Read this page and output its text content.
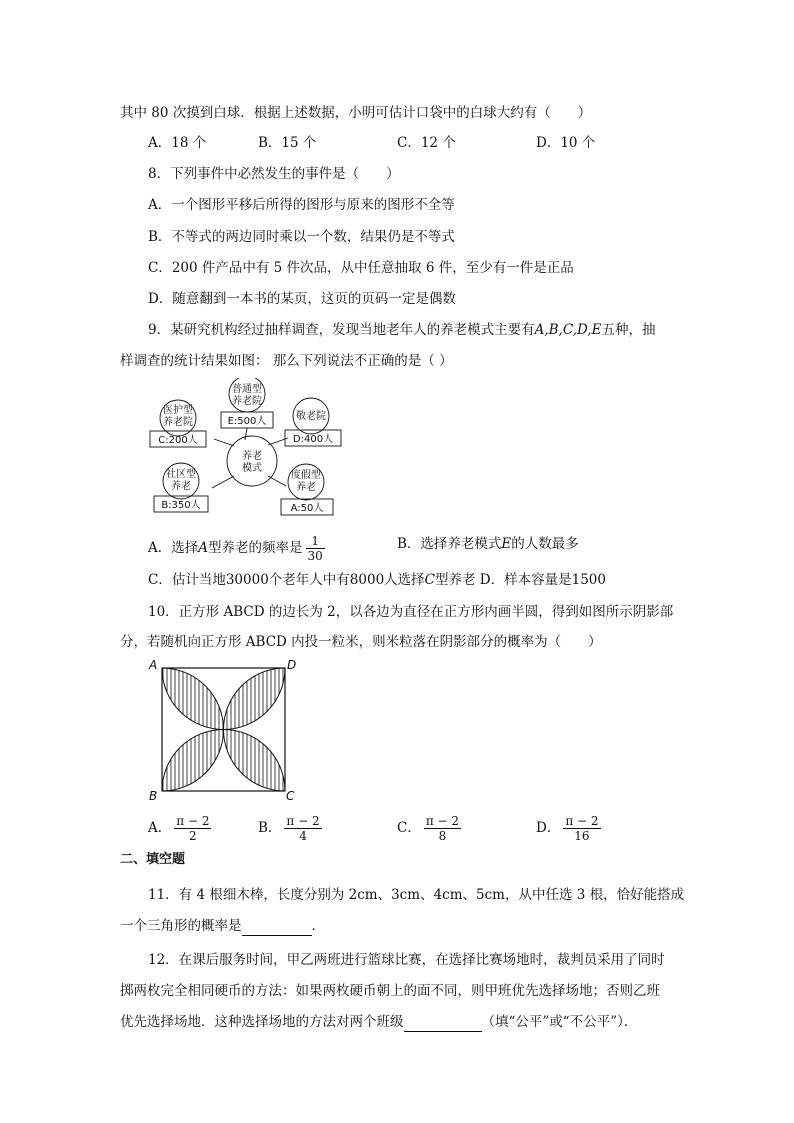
其中 80 次摸到白球．根据上述数据，小明可估计口袋中的白球大约有（　　）
A．18 个	B．15 个	C．12 个	D．10 个
8．下列事件中必然发生的事件是（　　）
A．一个图形平移后所得的图形与原来的图形不全等
B．不等式的两边同时乘以一个数，结果仍是不等式
C．200 件产品中有 5 件次品，从中任意抽取 6 件，至少有一件是正品
D．随意翻到一本书的某页，这页的页码一定是偶数
9．某研究机构经过抽样调查，发现当地老年人的养老模式主要有A,B,C,D,E五种，抽
样调查的统计结果如图： 那么下列说法不正确的是（ ）
养老
模式
普通型
养老院
E:500人
医护型
养老院
C:200人
敬老院
D:400人
社区型
养老
B:350人
度假型
养老
A:50人
A．选择A型养老的频率是 $\frac{1}{30}$	B．选择养老模式E的人数最多
C．估计当地30000个老年人中有8000人选择C型养老 D．样本容量是1500
10．正方形 ABCD 的边长为 2，以各边为直径在正方形内画半圆，得到如图所示阴影部
分，若随机向正方形 ABCD 内投一粒米，则米粒落在阴影部分的概率为（　　）
A	D
B	C
A． $\frac{\pi - 2}{2}$	B． $\frac{\pi - 2}{4}$	C． $\frac{\pi - 2}{8}$	D． $\frac{\pi - 2}{16}$
二、填空题
11．有 4 根细木棒，长度分别为 2cm、3cm、4cm、5cm，从中任选 3 根，恰好能搭成
一个三角形的概率是	．
12．在课后服务时间，甲乙两班进行篮球比赛，在选择比赛场地时，裁判员采用了同时
掷两枚完全相同硬币的方法：如果两枚硬币朝上的面不同，则甲班优先选择场地；否则乙班
优先选择场地．这种选择场地的方法对两个班级	（填“公平”或“不公平”）．
